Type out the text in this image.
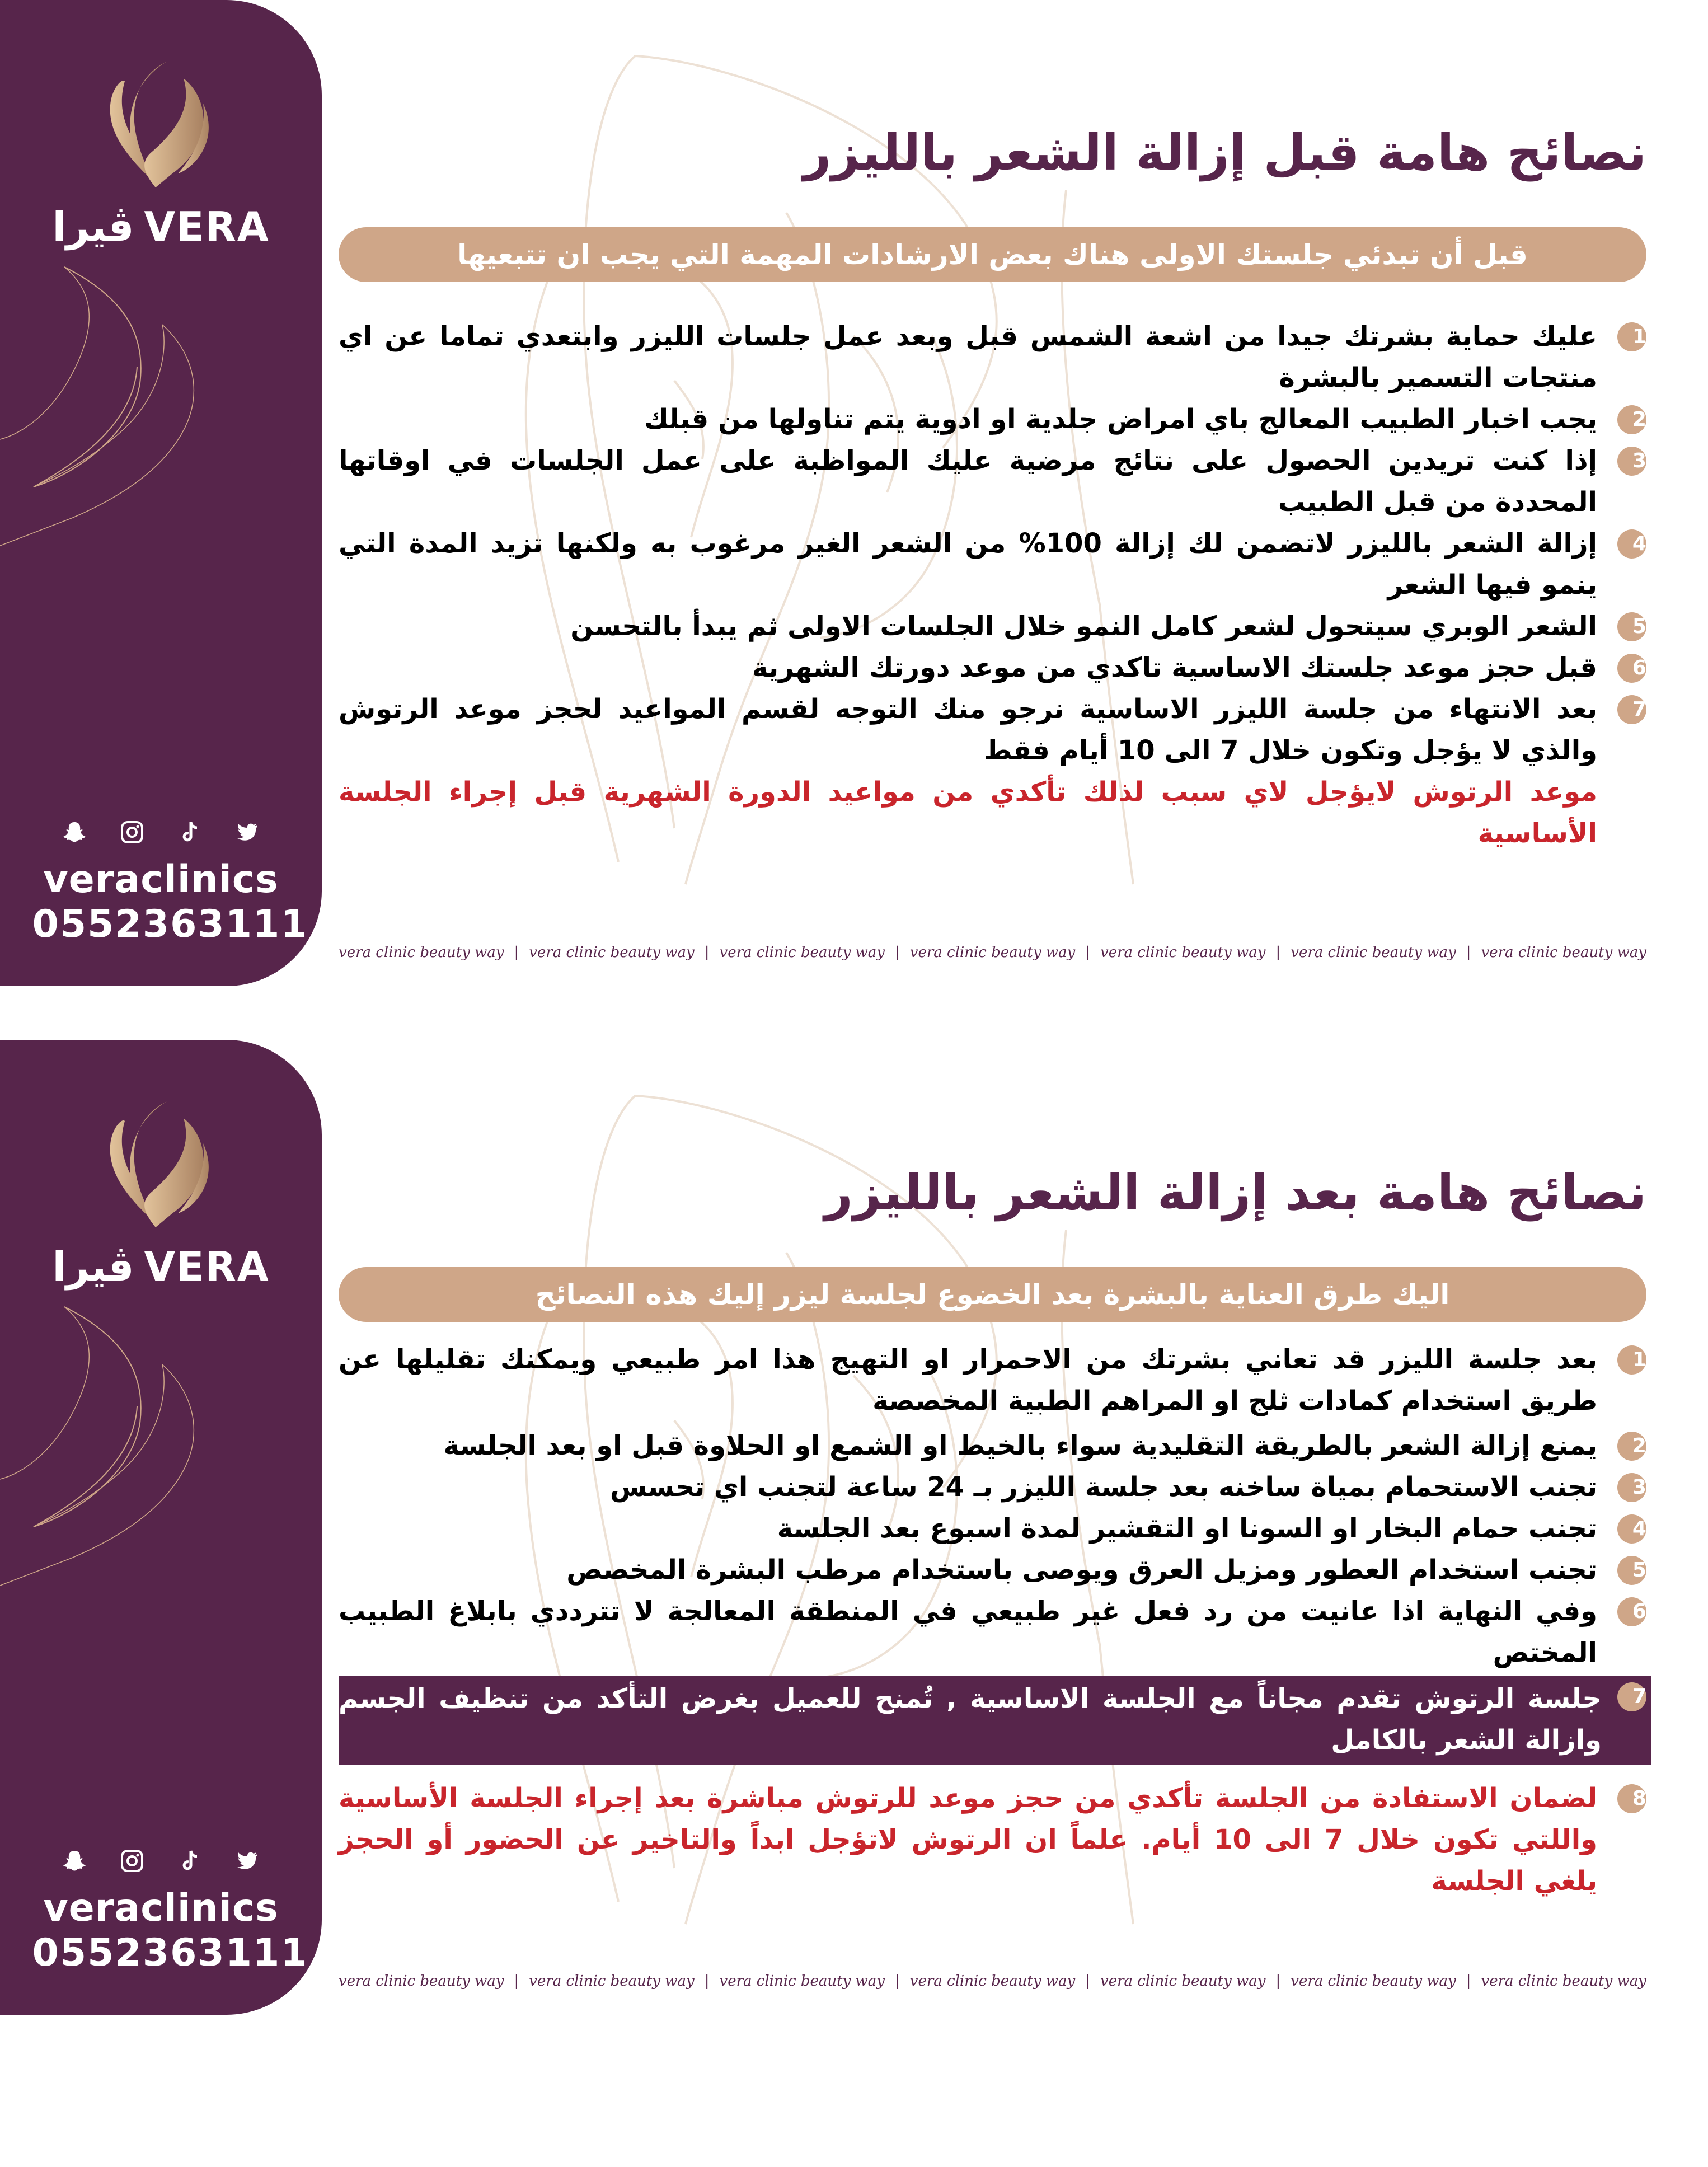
ڤيرا VERA
veraclinics
0552363111
نصائح هامة قبل إزالة الشعر بالليزر
قبل أن تبدئي جلستك الاولى هناك بعض الارشادات المهمة التي يجب ان تتبعيها
1
عليك حماية بشرتك جيدا من اشعة الشمس قبل وبعد عمل جلسات الليزر وابتعدي تماما عن اي منتجات التسمير بالبشرة
2
يجب اخبار الطبيب المعالج باي امراض جلدية او ادوية يتم تناولها من قبلك
3
إذا كنت تريدين الحصول على نتائج مرضية عليك المواظبة على عمل الجلسات في اوقاتها المحددة من قبل الطبيب
4
إزالة الشعر بالليزر لاتضمن لك إزالة 100% من الشعر الغير مرغوب به ولكنها تزيد المدة التي ينمو فيها الشعر
5
الشعر الوبري سيتحول لشعر كامل النمو خلال الجلسات الاولى ثم يبدأ بالتحسن
6
قبل حجز موعد جلستك الاساسية تاكدي من موعد دورتك الشهرية
7
بعد الانتهاء من جلسة الليزر الاساسية نرجو منك التوجه لقسم المواعيد لحجز موعد الرتوش والذي لا يؤجل وتكون خلال 7 الى 10 أيام فقط
موعد الرتوش لايؤجل لاي سبب لذلك تأكدي من مواعيد الدورة الشهرية قبل إجراء الجلسة الأساسية
vera clinic beauty way | vera clinic beauty way | vera clinic beauty way | vera clinic beauty way | vera clinic beauty way | vera clinic beauty way | vera clinic beauty way
ڤيرا VERA
veraclinics
0552363111
نصائح هامة بعد إزالة الشعر بالليزر
اليك طرق العناية بالبشرة بعد الخضوع لجلسة ليزر إليك هذه النصائح
1
بعد جلسة الليزر قد تعاني بشرتك من الاحمرار او التهيج هذا امر طبيعي ويمكنك تقليلها عن طريق استخدام كمادات ثلج او المراهم الطبية المخصصة
2
يمنع إزالة الشعر بالطريقة التقليدية سواء بالخيط او الشمع او الحلاوة قبل او بعد الجلسة
3
تجنب الاستحمام بمياة ساخنه بعد جلسة الليزر بـ 24 ساعة لتجنب اي تحسس
4
تجنب حمام البخار او السونا او التقشير لمدة اسبوع بعد الجلسة
5
تجنب استخدام العطور ومزيل العرق ويوصى باستخدام مرطب البشرة المخصص
6
وفي النهاية اذا عانيت من رد فعل غير طبيعي في المنطقة المعالجة لا تترددي بابلاغ الطبيب المختص
7
جلسة الرتوش تقدم مجاناً مع الجلسة الاساسية , تُمنح للعميل بغرض التأكد من تنظيف الجسم وازالة الشعر بالكامل
8
لضمان الاستفادة من الجلسة تأكدي من حجز موعد للرتوش مباشرة بعد إجراء الجلسة الأساسية واللتي تكون خلال 7 الى 10 أيام. علماً ان الرتوش لاتؤجل ابداً والتاخير عن الحضور أو الحجز يلغي الجلسة
vera clinic beauty way | vera clinic beauty way | vera clinic beauty way | vera clinic beauty way | vera clinic beauty way | vera clinic beauty way | vera clinic beauty way
